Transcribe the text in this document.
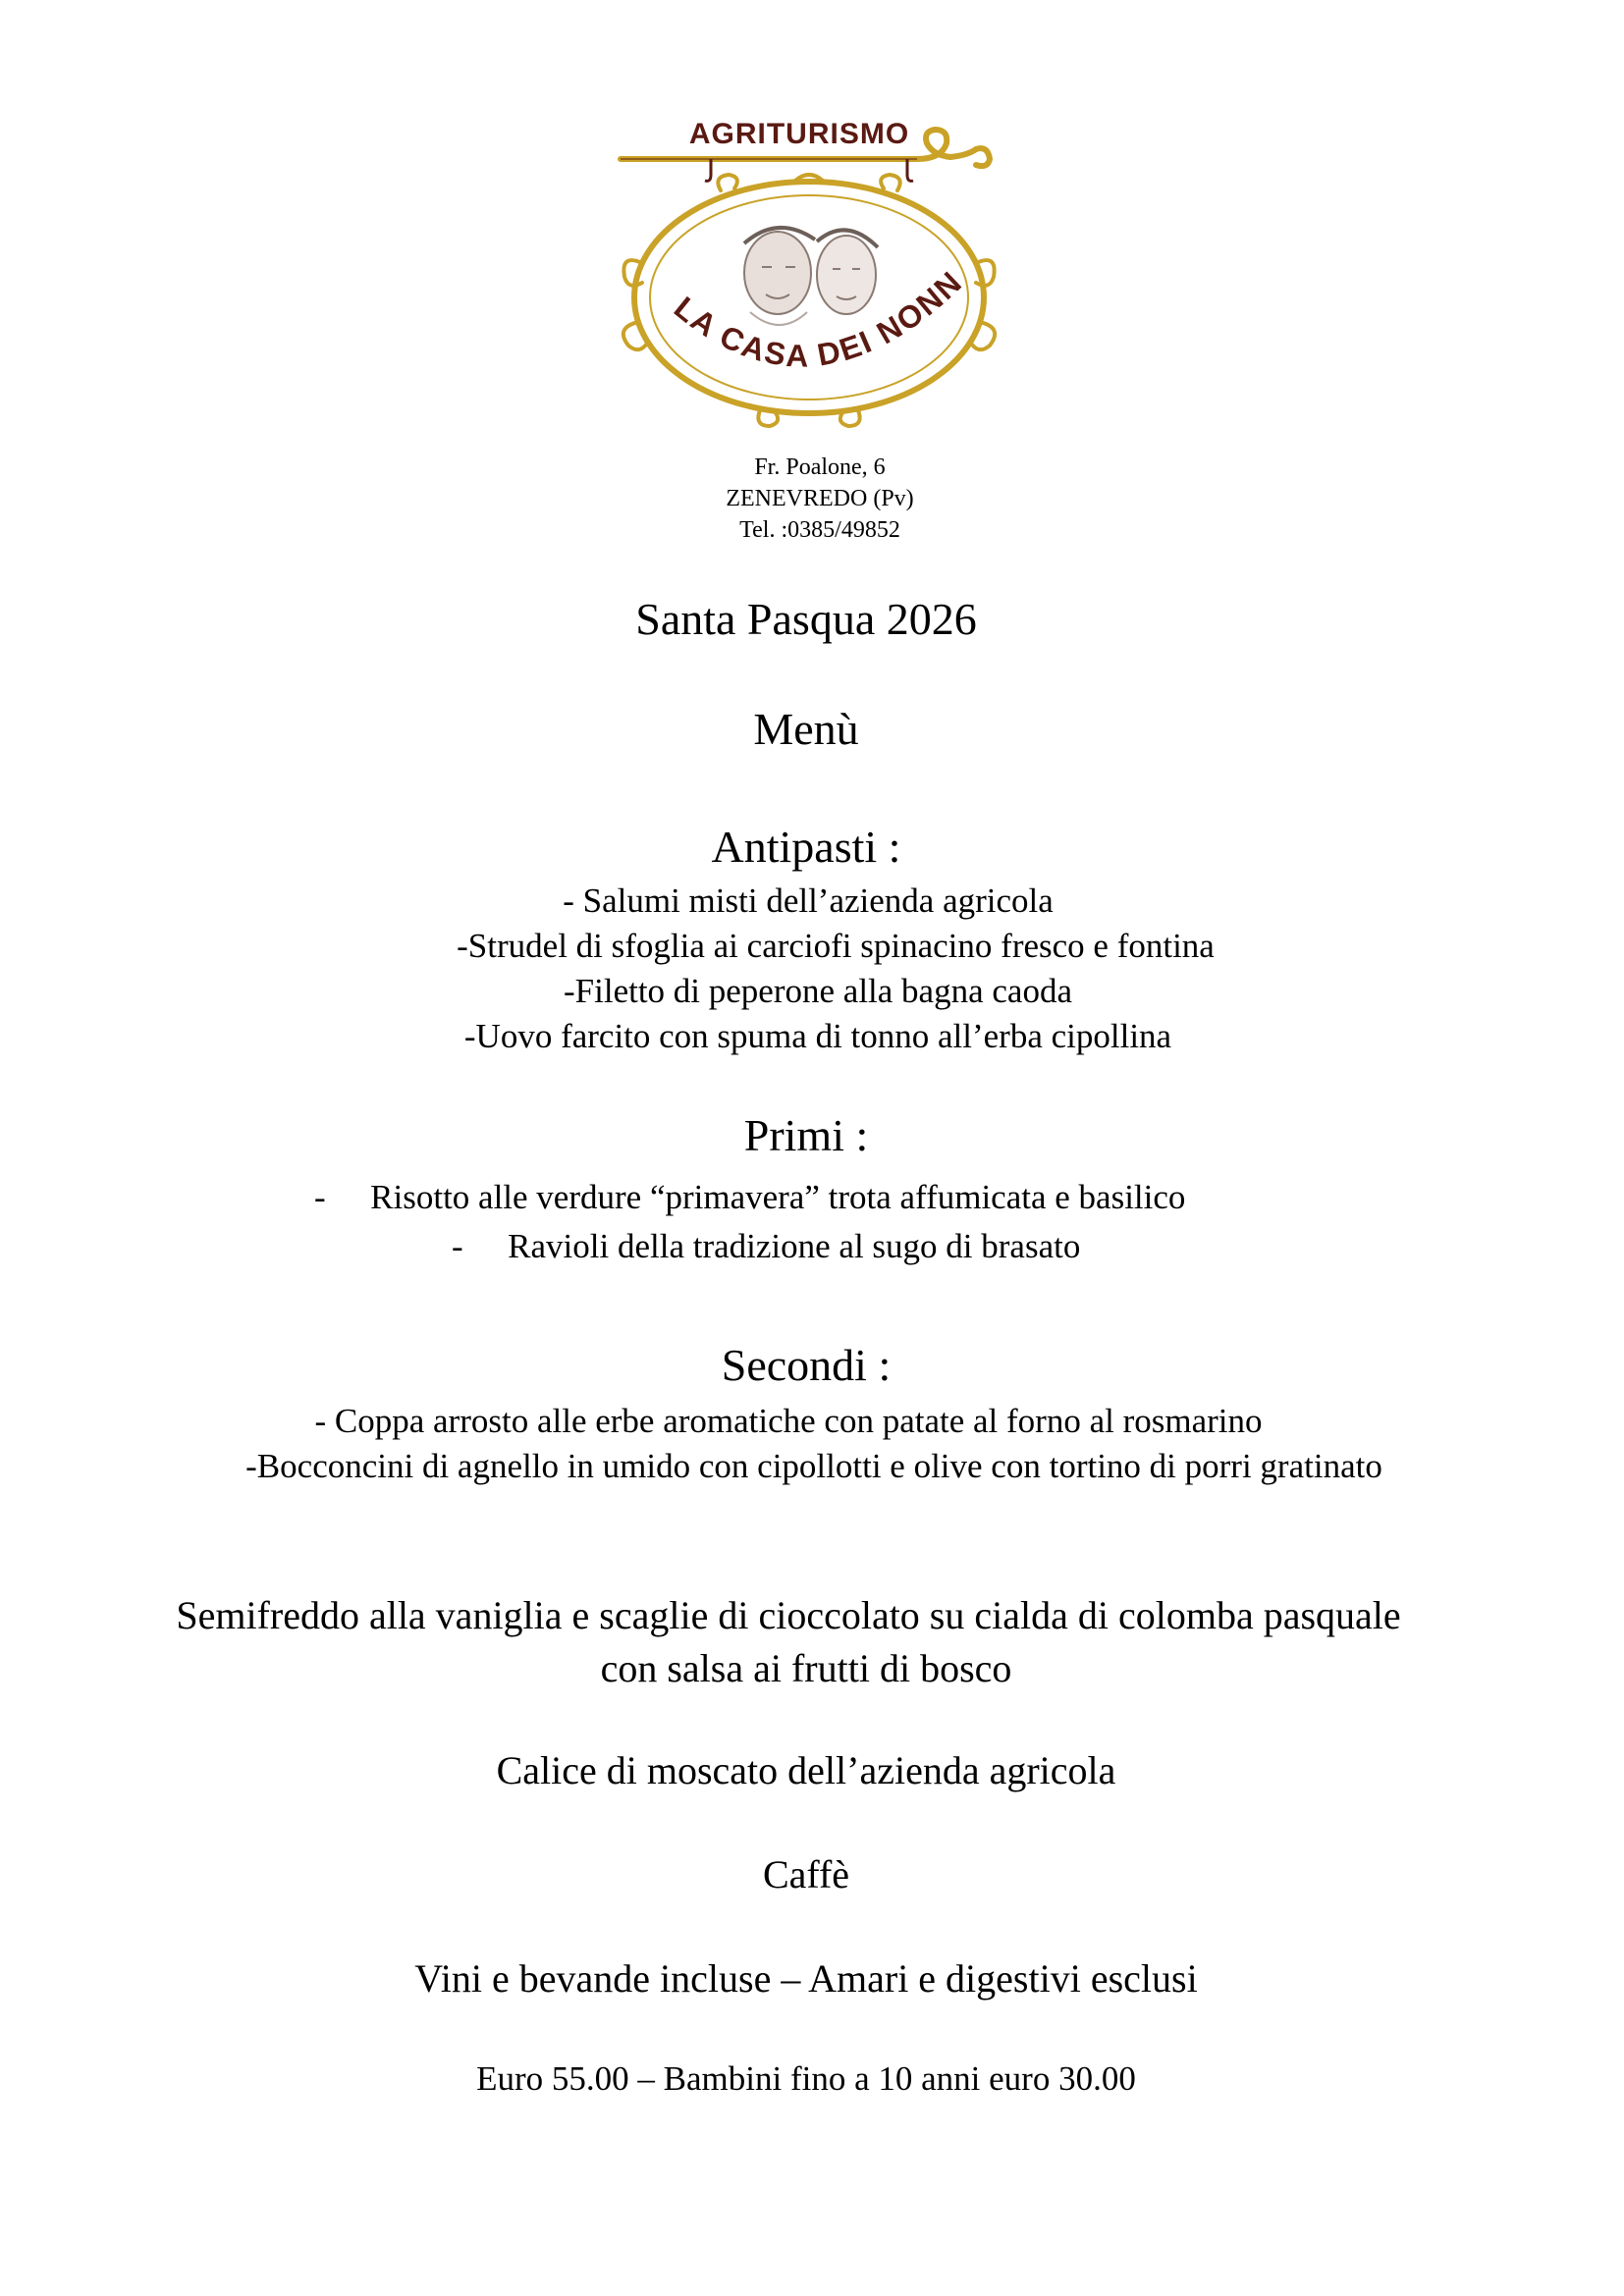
AGRITURISMO
LA CASA DEI NONN
Fr. Poalone, 6
ZENEVREDO (Pv)
Tel. :0385/49852
Santa Pasqua 2026
Menù
Antipasti :
- Salumi misti dell’azienda agricola
-Strudel di sfoglia ai carciofi spinacino fresco e fontina
-Filetto di peperone alla bagna caoda
-Uovo farcito con spuma di tonno all’erba cipollina
Primi :
- Risotto alle verdure “primavera” trota affumicata e basilico
- Ravioli della tradizione al sugo di brasato
Secondi :
- Coppa arrosto alle erbe aromatiche con patate al forno al rosmarino
-Bocconcini di agnello in umido con cipollotti e olive con tortino di porri gratinato
Semifreddo alla vaniglia e scaglie di cioccolato su cialda di colomba pasquale
con salsa ai frutti di bosco
Calice di moscato dell’azienda agricola
Caffè
Vini e bevande incluse – Amari e digestivi esclusi
Euro 55.00 – Bambini fino a 10 anni euro 30.00
